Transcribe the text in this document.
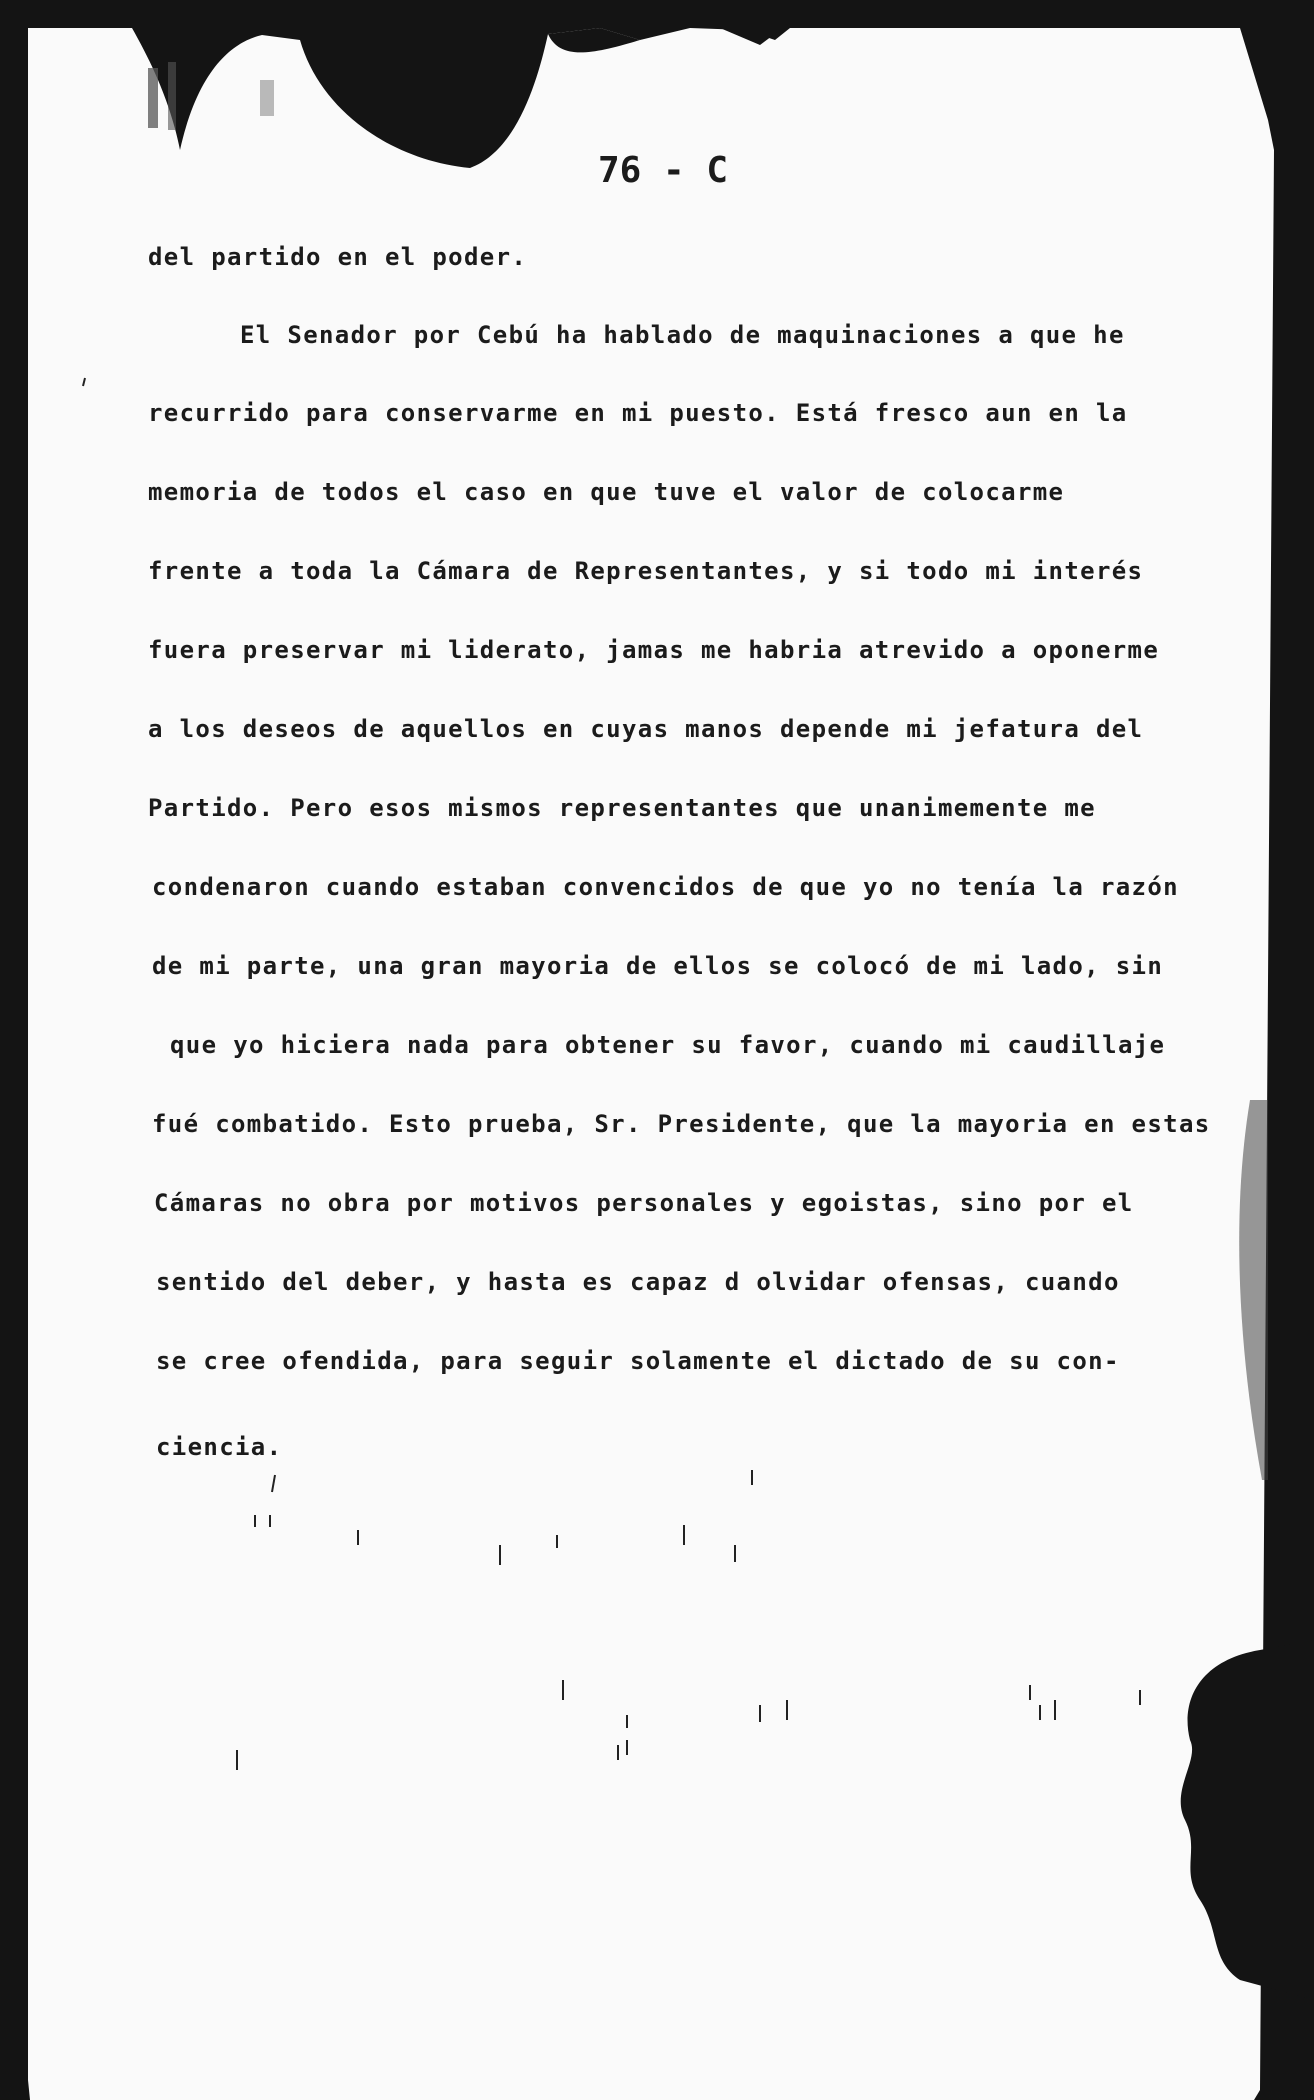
76 - C
del partido en el poder.
El Senador por Cebú ha hablado de maquinaciones a que he
recurrido para conservarme en mi puesto. Está fresco aun en la
memoria de todos el caso en que tuve el valor de colocarme
frente a toda la Cámara de Representantes, y si todo mi interés
fuera preservar mi liderato, jamas me habria atrevido a oponerme
a los deseos de aquellos en cuyas manos depende mi jefatura del
Partido. Pero esos mismos representantes que unanimemente me
condenaron cuando estaban convencidos de que yo no tenía la razón
de mi parte, una gran mayoria de ellos se colocó de mi lado, sin
que yo hiciera nada para obtener su favor, cuando mi caudillaje
fué combatido. Esto prueba, Sr. Presidente, que la mayoria en estas
Cámaras no obra por motivos personales y egoistas, sino por el
sentido del deber, y hasta es capaz d olvidar ofensas, cuando
se cree ofendida, para seguir solamente el dictado de su con-
ciencia.
